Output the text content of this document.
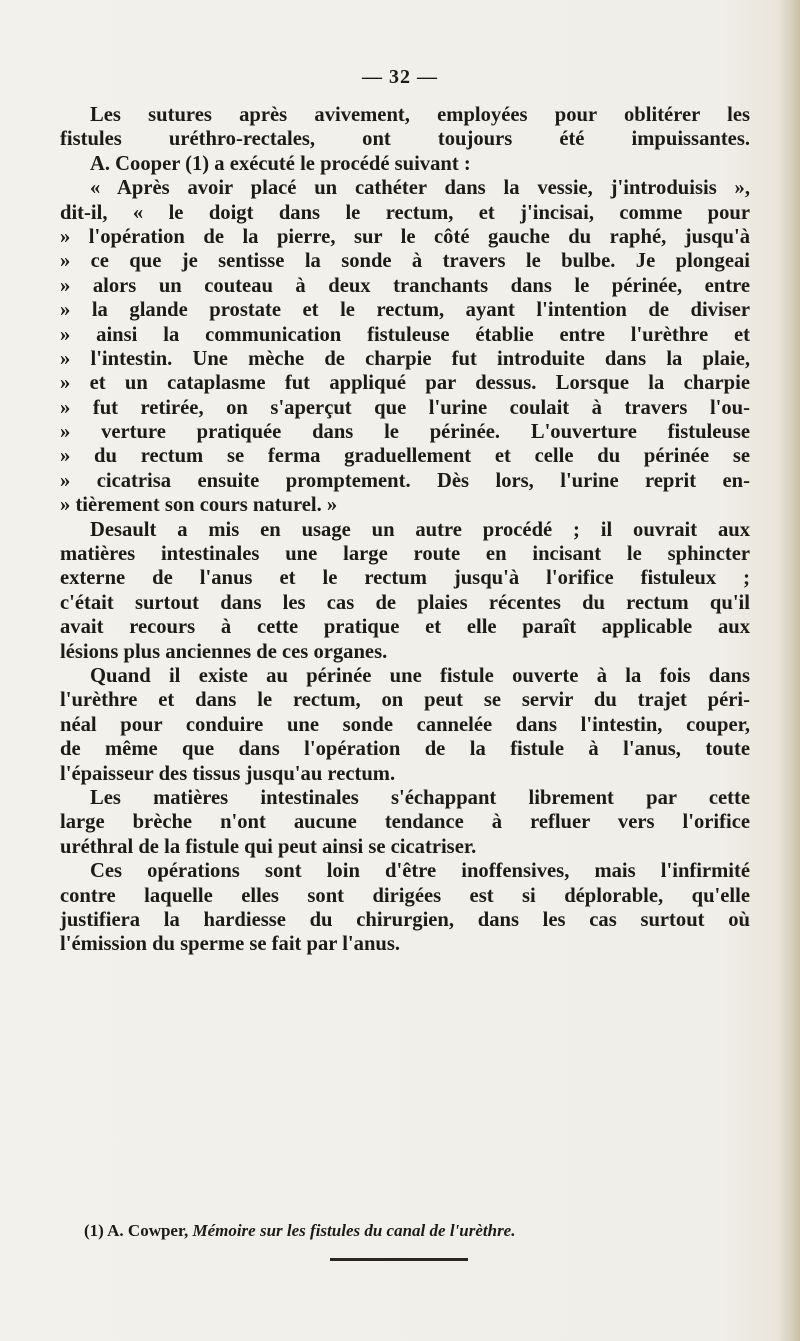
— 32 —
Les sutures après avivement, employées pour oblitérer les
fistules uréthro-rectales, ont toujours été impuissantes.
A. Cooper (1) a exécuté le procédé suivant :
« Après avoir placé un cathéter dans la vessie, j'introduisis »,
dit-il, « le doigt dans le rectum, et j'incisai, comme pour
» l'opération de la pierre, sur le côté gauche du raphé, jusqu'à
» ce que je sentisse la sonde à travers le bulbe. Je plongeai
» alors un couteau à deux tranchants dans le périnée, entre
» la glande prostate et le rectum, ayant l'intention de diviser
» ainsi la communication fistuleuse établie entre l'urèthre et
» l'intestin. Une mèche de charpie fut introduite dans la plaie,
» et un cataplasme fut appliqué par dessus. Lorsque la charpie
» fut retirée, on s'aperçut que l'urine coulait à travers l'ou-
» verture pratiquée dans le périnée. L'ouverture fistuleuse
» du rectum se ferma graduellement et celle du périnée se
» cicatrisa ensuite promptement. Dès lors, l'urine reprit en-
» tièrement son cours naturel. »
Desault a mis en usage un autre procédé ; il ouvrait aux
matières intestinales une large route en incisant le sphincter
externe de l'anus et le rectum jusqu'à l'orifice fistuleux ;
c'était surtout dans les cas de plaies récentes du rectum qu'il
avait recours à cette pratique et elle paraît applicable aux
lésions plus anciennes de ces organes.
Quand il existe au périnée une fistule ouverte à la fois dans
l'urèthre et dans le rectum, on peut se servir du trajet péri-
néal pour conduire une sonde cannelée dans l'intestin, couper,
de même que dans l'opération de la fistule à l'anus, toute
l'épaisseur des tissus jusqu'au rectum.
Les matières intestinales s'échappant librement par cette
large brèche n'ont aucune tendance à refluer vers l'orifice
uréthral de la fistule qui peut ainsi se cicatriser.
Ces opérations sont loin d'être inoffensives, mais l'infirmité
contre laquelle elles sont dirigées est si déplorable, qu'elle
justifiera la hardiesse du chirurgien, dans les cas surtout où
l'émission du sperme se fait par l'anus.
(1) A. Cowper, Mémoire sur les fistules du canal de l'urèthre.
